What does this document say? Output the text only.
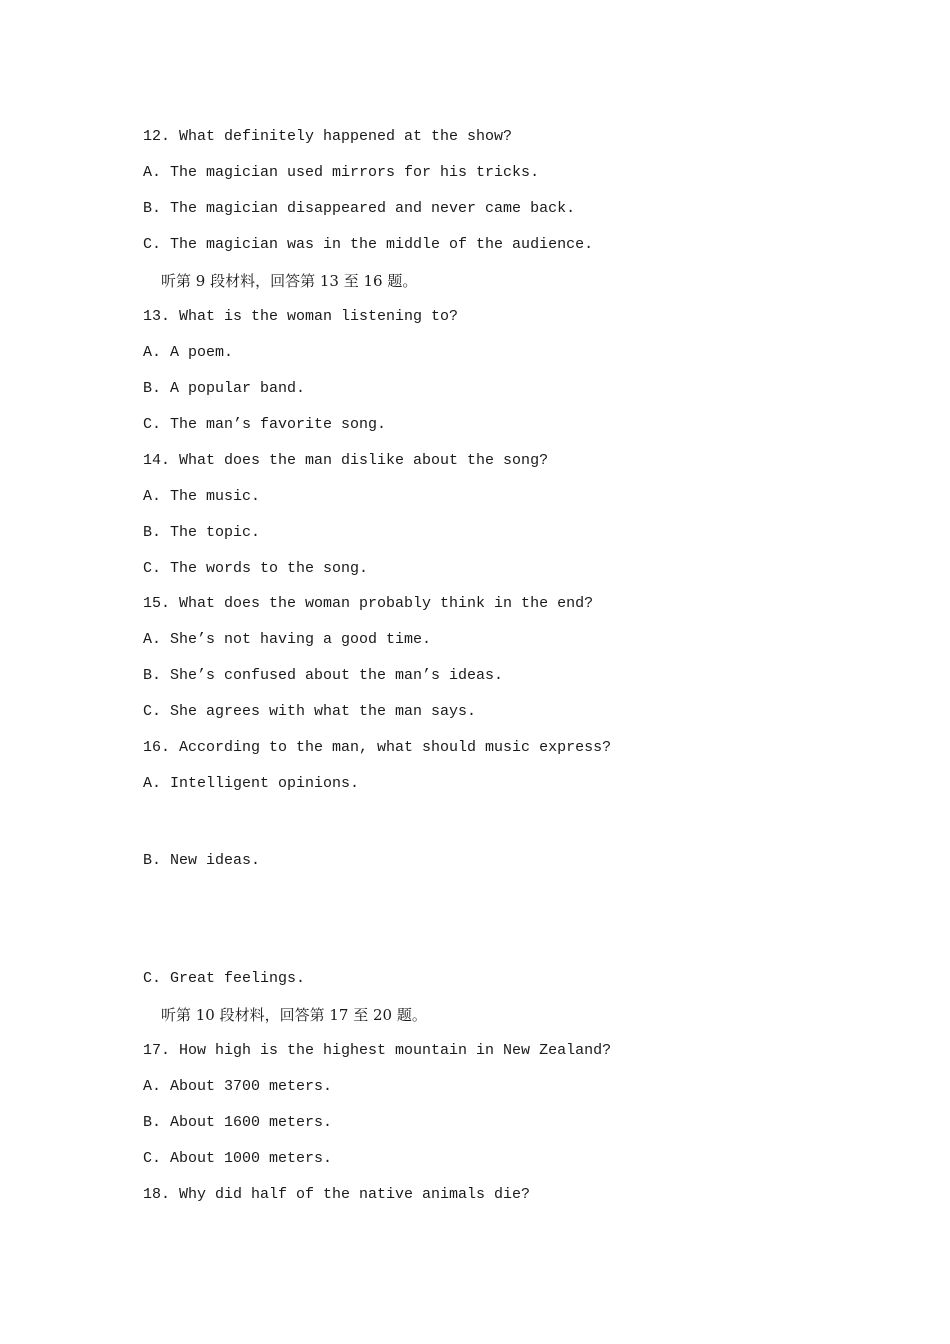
12. What definitely happened at the show?
A. The magician used mirrors for his tricks.
B. The magician disappeared and never came back.
C. The magician was in the middle of the audience.
听第 9 段材料，回答第 13 至 16 题。
13. What is the woman listening to?
A. A poem.
B. A popular band.
C. The man’s favorite song.
14. What does the man dislike about the song?
A. The music.
B. The topic.
C. The words to the song.
15. What does the woman probably think in the end?
A. She’s not having a good time.
B. She’s confused about the man’s ideas.
C. She agrees with what the man says.
16. According to the man, what should music express?
A. Intelligent opinions.
B. New ideas.
C. Great feelings.
听第 10 段材料，回答第 17 至 20 题。
17. How high is the highest mountain in New Zealand?
A. About 3700 meters.
B. About 1600 meters.
C. About 1000 meters.
18. Why did half of the native animals die?
